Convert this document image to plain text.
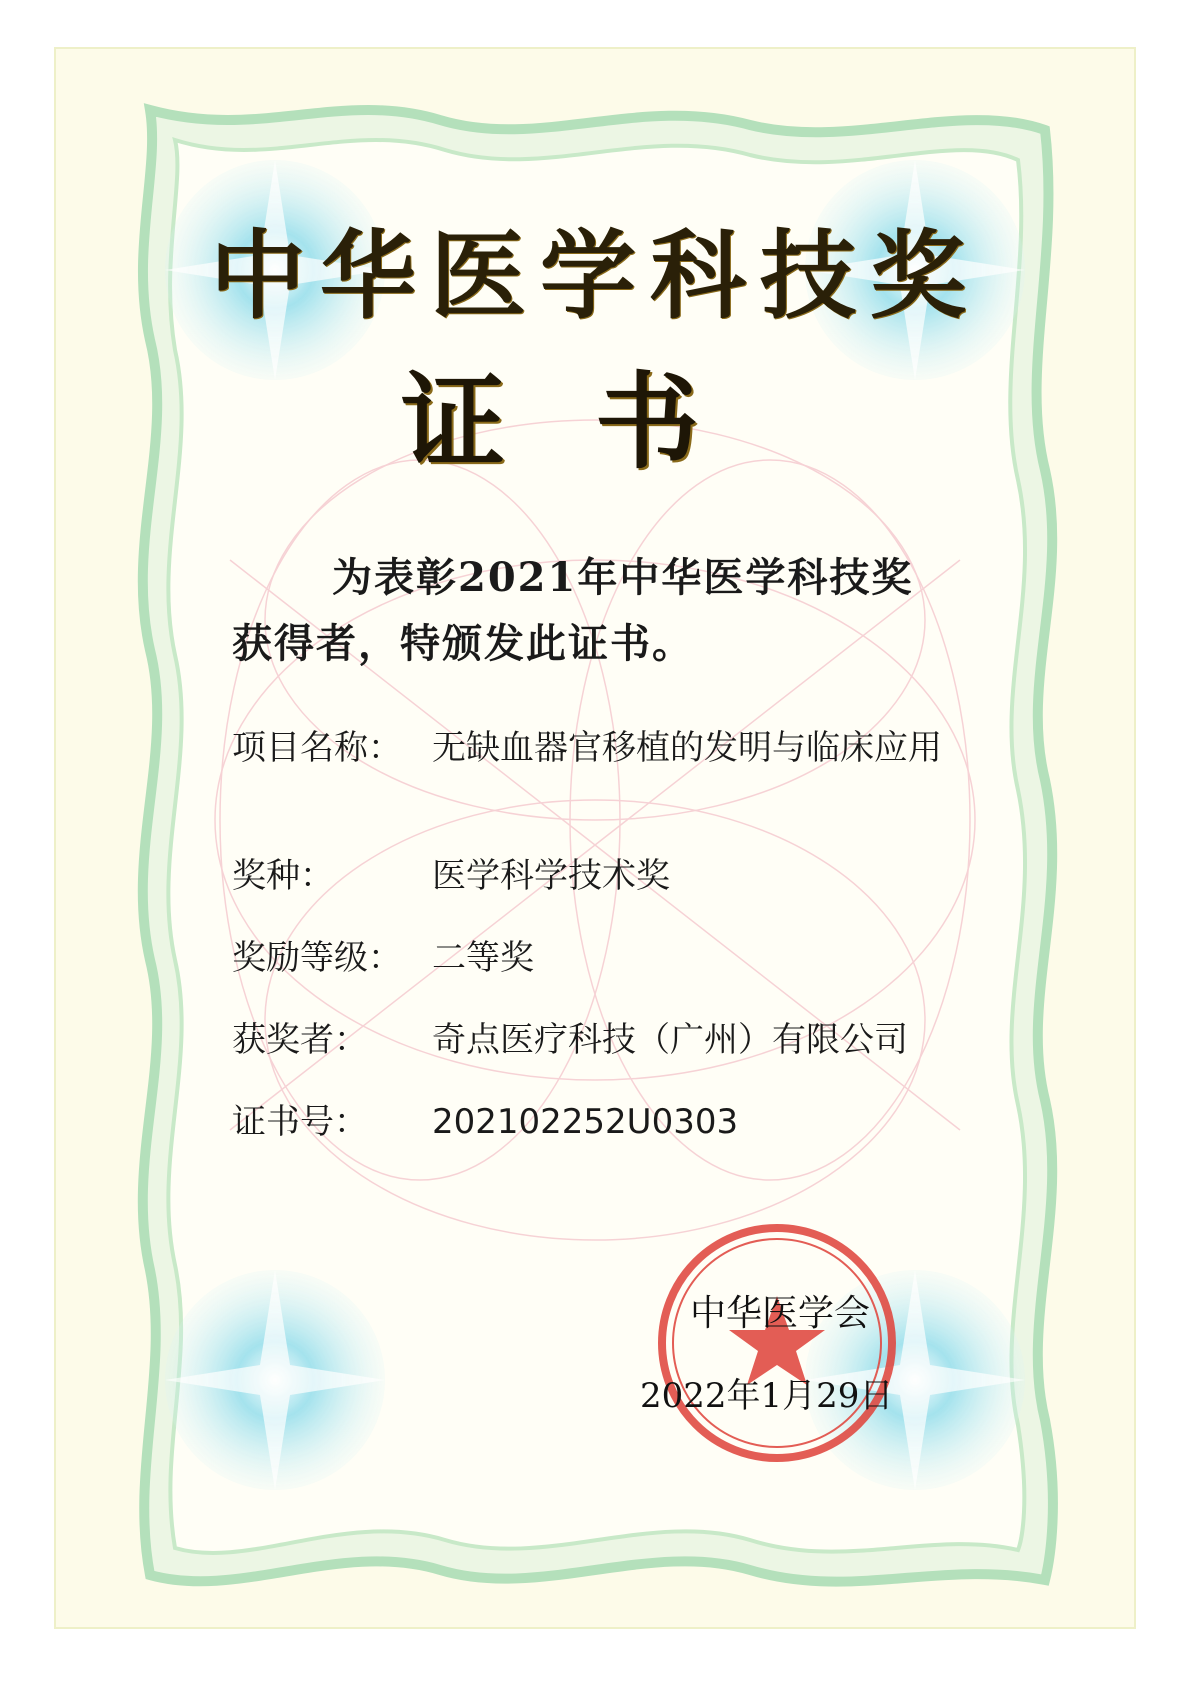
中华医学科技奖
证书
为表彰2021年中华医学科技奖
获得者，特颁发此证书。
项目名称： 无缺血器官移植的发明与临床应用
奖种：	医学科学技术奖
奖励等级： 二等奖
获奖者：	奇点医疗科技（广州）有限公司
证书号：	202102252U0303
中华医学会
2022年1月29日
